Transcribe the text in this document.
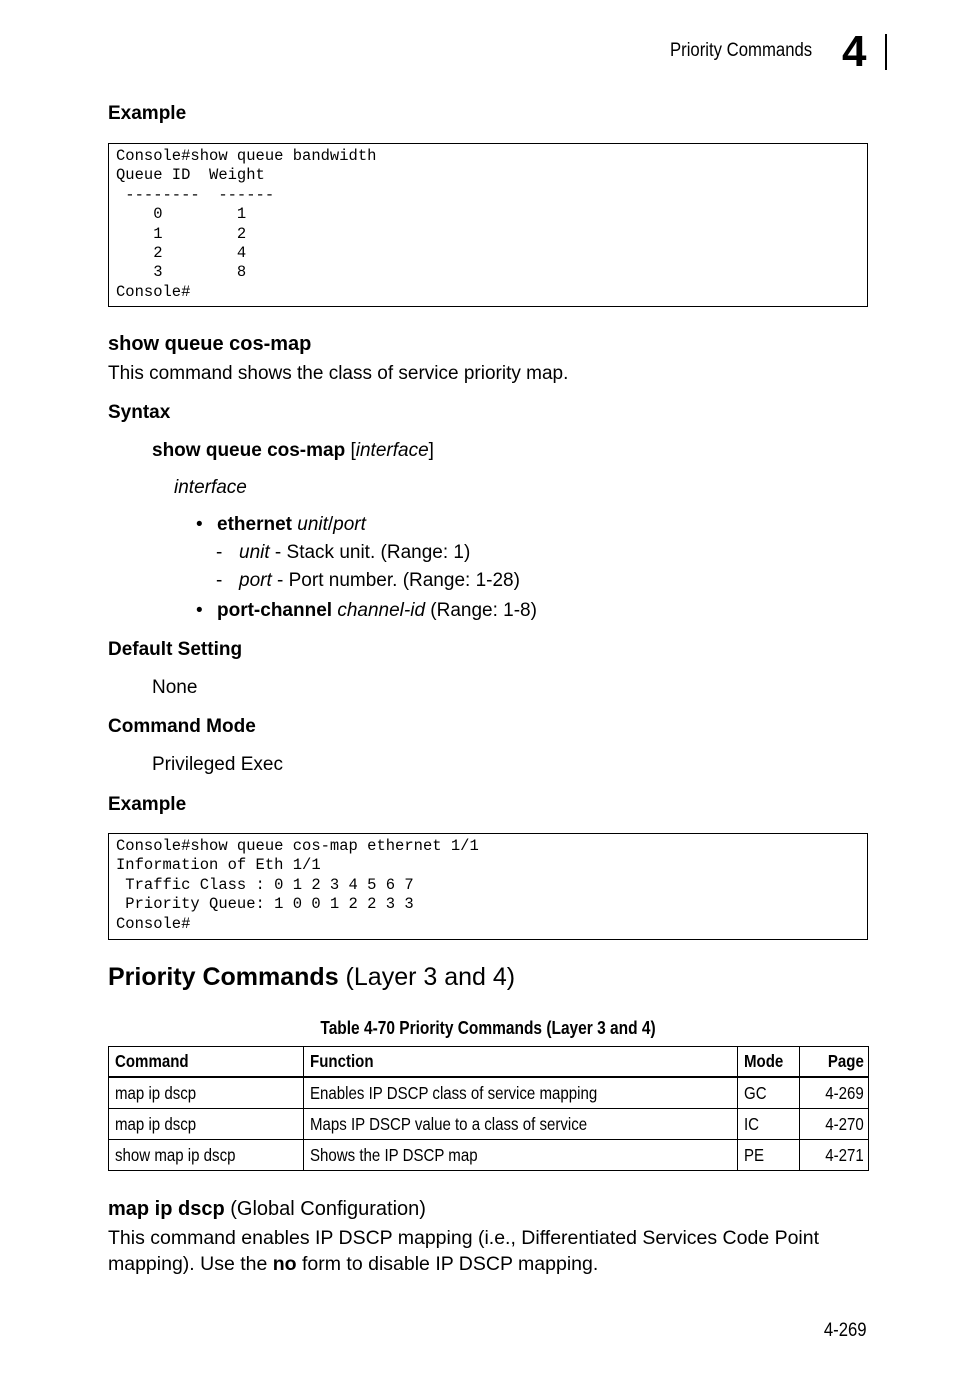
Priority Commands 4
Example
Console#show queue bandwidth
Queue ID  Weight
--------  ------
0        1
1        2
2        4
3        8
Console#
show queue cos-map
This command shows the class of service priority map.
Syntax
show queue cos-map [interface]
interface
• ethernet unit/port
- unit - Stack unit. (Range: 1)
- port - Port number. (Range: 1-28)
• port-channel channel-id (Range: 1-8)
Default Setting
None
Command Mode
Privileged Exec
Example
Console#show queue cos-map ethernet 1/1
Information of Eth 1/1
Traffic Class : 0 1 2 3 4 5 6 7
Priority Queue: 1 0 0 1 2 2 3 3
Console#
Priority Commands (Layer 3 and 4)
Table 4-70 Priority Commands (Layer 3 and 4)
Command	Function	Mode	Page
map ip dscp	Enables IP DSCP class of service mapping	GC	4-269
map ip dscp	Maps IP DSCP value to a class of service	IC	4-270
show map ip dscp	Shows the IP DSCP map	PE	4-271
map ip dscp (Global Configuration)
This command enables IP DSCP mapping (i.e., Differentiated Services Code Point
mapping). Use the no form to disable IP DSCP mapping.
4-269
